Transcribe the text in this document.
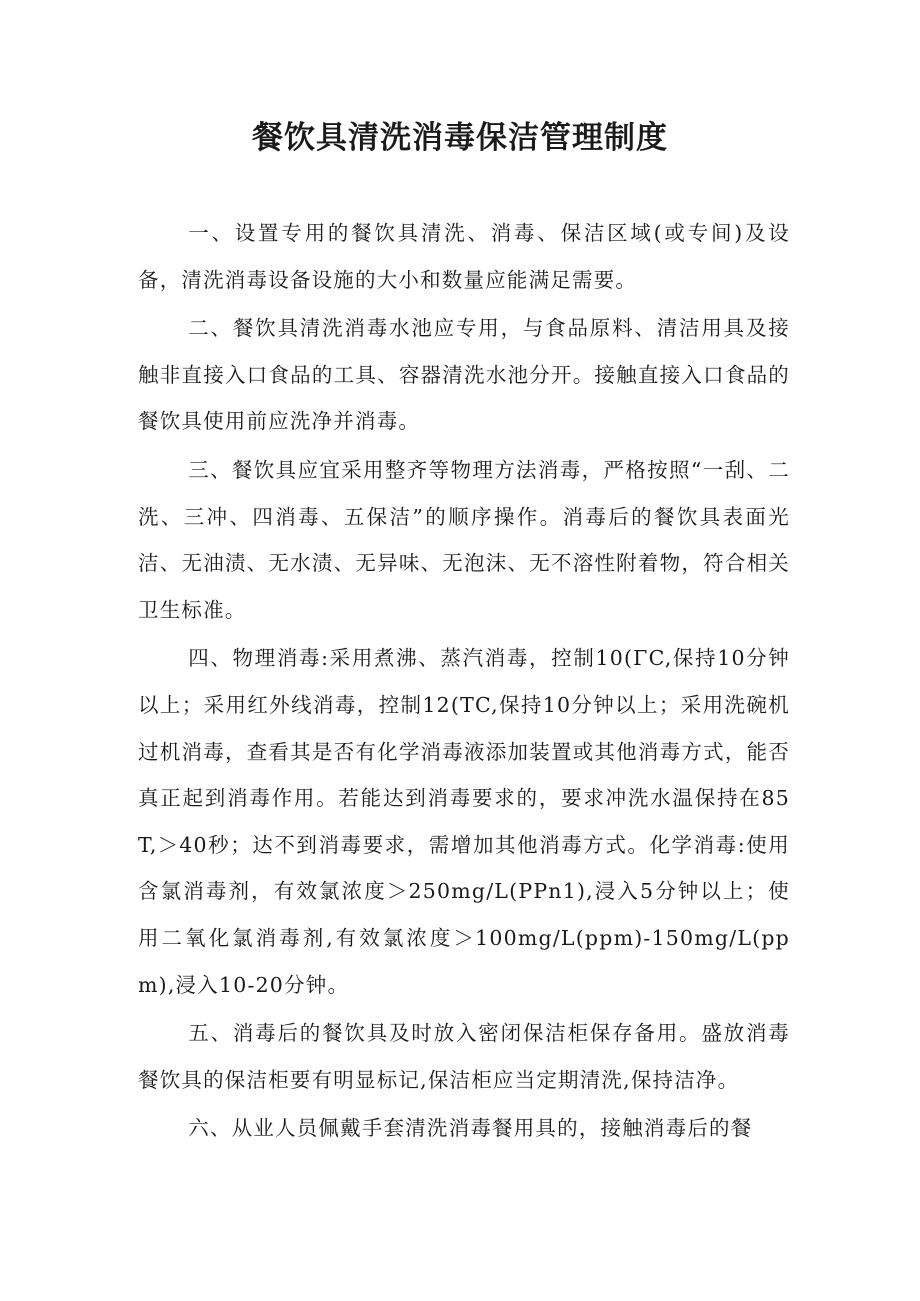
餐饮具清洗消毒保洁管理制度

一、设置专用的餐饮具清洗、消毒、保洁区域(或专间)及设备，清洗消毒设备设施的大小和数量应能满足需要。

二、餐饮具清洗消毒水池应专用，与食品原料、清洁用具及接触非直接入口食品的工具、容器清洗水池分开。接触直接入口食品的餐饮具使用前应洗净并消毒。

三、餐饮具应宜采用整齐等物理方法消毒，严格按照“一刮、二洗、三冲、四消毒、五保洁”的顺序操作。消毒后的餐饮具表面光洁、无油渍、无水渍、无异味、无泡沫、无不溶性附着物，符合相关卫生标准。

四、物理消毒:采用煮沸、蒸汽消毒，控制10(ΓC,保持10分钟以上；采用红外线消毒，控制12(TC,保持10分钟以上；采用洗碗机过机消毒，查看其是否有化学消毒液添加装置或其他消毒方式，能否真正起到消毒作用。若能达到消毒要求的，要求冲洗水温保持在85T,＞40秒；达不到消毒要求，需增加其他消毒方式。化学消毒:使用含氯消毒剂，有效氯浓度＞250mg∕L(PPn1),浸入5分钟以上；使用二氧化氯消毒剂,有效氯浓度＞100mg∕L(ppm)-150mg∕L(ppm),浸入10-20分钟。

五、消毒后的餐饮具及时放入密闭保洁柜保存备用。盛放消毒餐饮具的保洁柜要有明显标记,保洁柜应当定期清洗,保持洁净。

六、从业人员佩戴手套清洗消毒餐用具的，接触消毒后的餐
